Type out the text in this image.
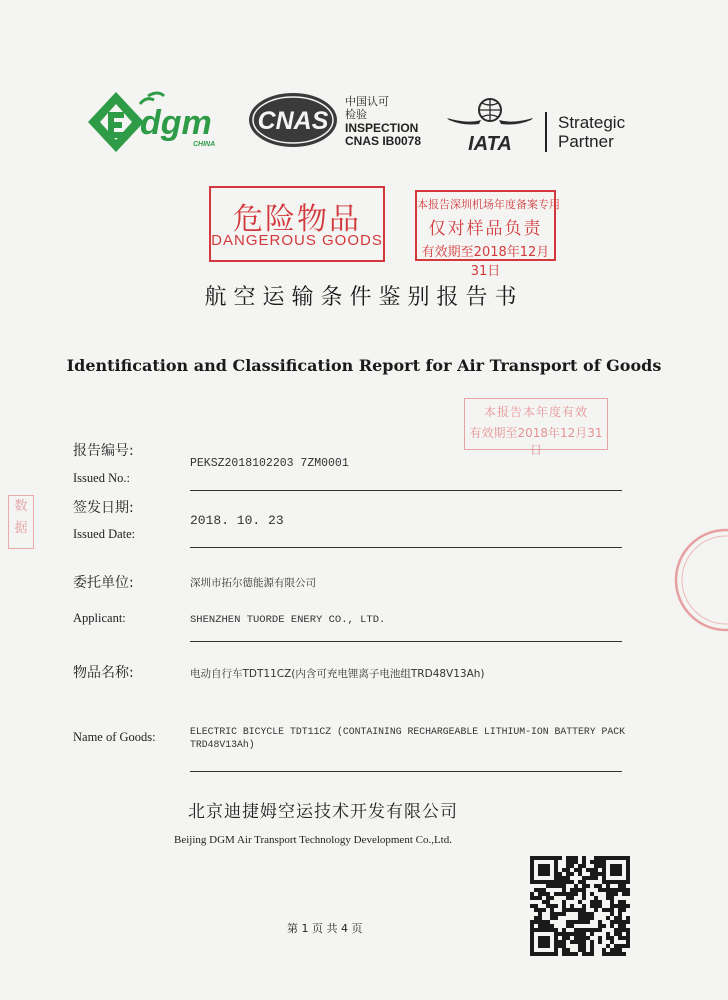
dgm
CHINA
CNAS
中国认可
检验
INSPECTION
CNAS IB0078 IATA
Strategic
Partner
危险物品
DANGEROUS GOODS
本报告深圳机场年度备案专用
仅对样品负责
有效期至2018年12月31日
本报告本年度有效
有效期至2018年12月31日
数据
航空运输条件鉴别报告书
Identification and Classification Report for Air Transport of Goods
报告编号:
Issued No.:
PEKSZ2018102203 7ZM0001
签发日期:
Issued Date:
2018. 10. 23
委托单位:	深圳市拓尔德能源有限公司
Applicant:	SHENZHEN TUORDE ENERY CO., LTD.
物品名称:	电动自行车TDT11CZ(内含可充电锂离子电池组TRD48V13Ah)
Name of Goods:	ELECTRIC BICYCLE TDT11CZ (CONTAINING RECHARGEABLE LITHIUM-ION BATTERY PACK
TRD48V13Ah)
北京迪捷姆空运技术开发有限公司
Beijing DGM Air Transport Technology Development Co.,Ltd.
第 1 页 共 4 页
